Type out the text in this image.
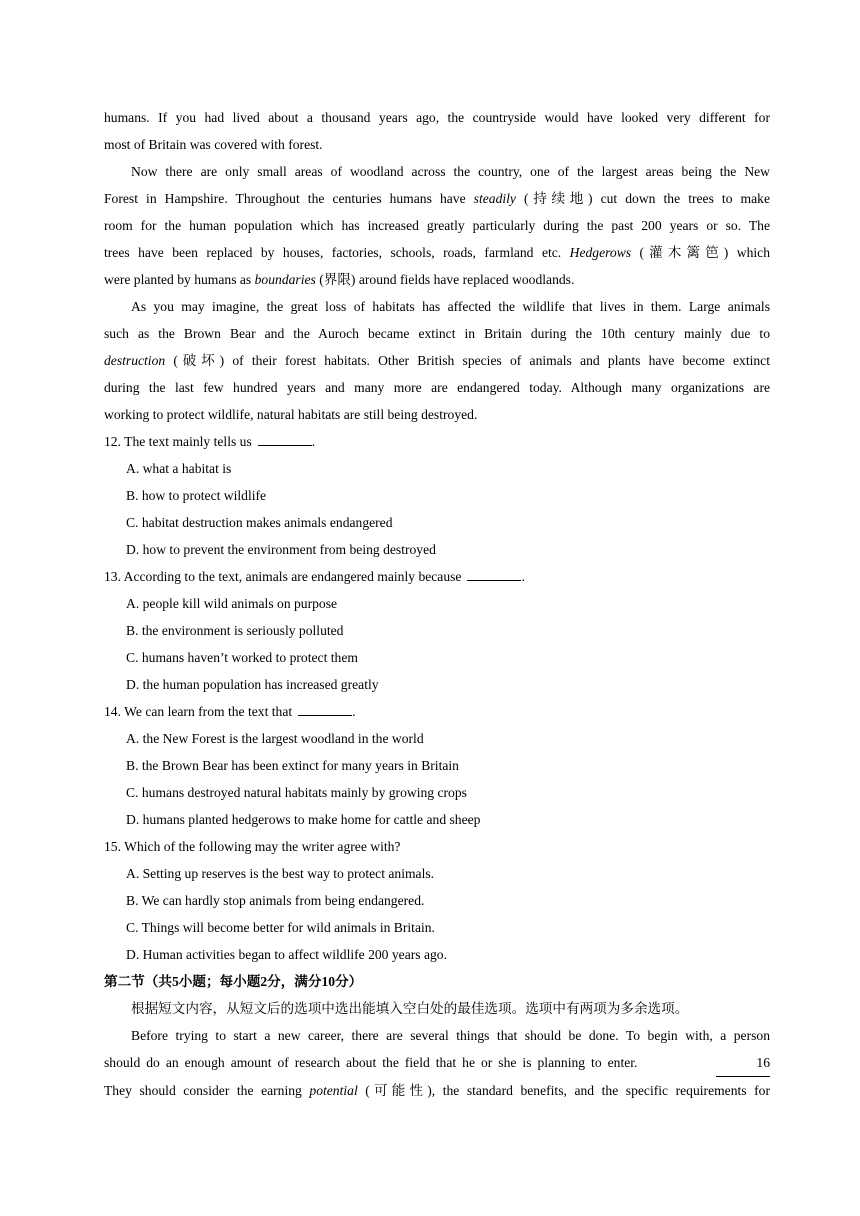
humans. If you had lived about a thousand years ago, the countryside would have looked very different for
most of Britain was covered with forest.

Now there are only small areas of woodland across the country, one of the largest areas being the New
Forest in Hampshire. Throughout the centuries humans have steadily (持续地) cut down the trees to make
room for the human population which has increased greatly particularly during the past 200 years or so. The
trees have been replaced by houses, factories, schools, roads, farmland etc. Hedgerows (灌木篱笆) which
were planted by humans as boundaries (界限) around fields have replaced woodlands.

As you may imagine, the great loss of habitats has affected the wildlife that lives in them. Large animals
such as the Brown Bear and the Auroch became extinct in Britain during the 10th century mainly due to
destruction (破坏) of their forest habitats. Other British species of animals and plants have become extinct
during the last few hundred years and many more are endangered today. Although many organizations are
working to protect wildlife, natural habitats are still being destroyed.

12. The text mainly tells us	.

A. what a habitat is

B. how to protect wildlife

C. habitat destruction makes animals endangered

D. how to prevent the environment from being destroyed

13. According to the text, animals are endangered mainly because	.

A. people kill wild animals on purpose

B. the environment is seriously polluted

C. humans haven’t worked to protect them

D. the human population has increased greatly

14. We can learn from the text that	.

A. the New Forest is the largest woodland in the world

B. the Brown Bear has been extinct for many years in Britain

C. humans destroyed natural habitats mainly by growing crops

D. humans planted hedgerows to make home for cattle and sheep

15. Which of the following may the writer agree with?

A. Setting up reserves is the best way to protect animals.

B. We can hardly stop animals from being endangered.

C. Things will become better for wild animals in Britain.

D. Human activities began to affect wildlife 200 years ago.

第二节（共5小题；每小题2分，满分10分）

根据短文内容，从短文后的选项中选出能填入空白处的最佳选项。选项中有两项为多余选项。

Before trying to start a new career, there are several things that should be done. To begin with, a person
should do an enough amount of research about the field that he or she is planning to enter.	16
They should consider the earning potential (可能性), the standard benefits, and the specific requirements for
